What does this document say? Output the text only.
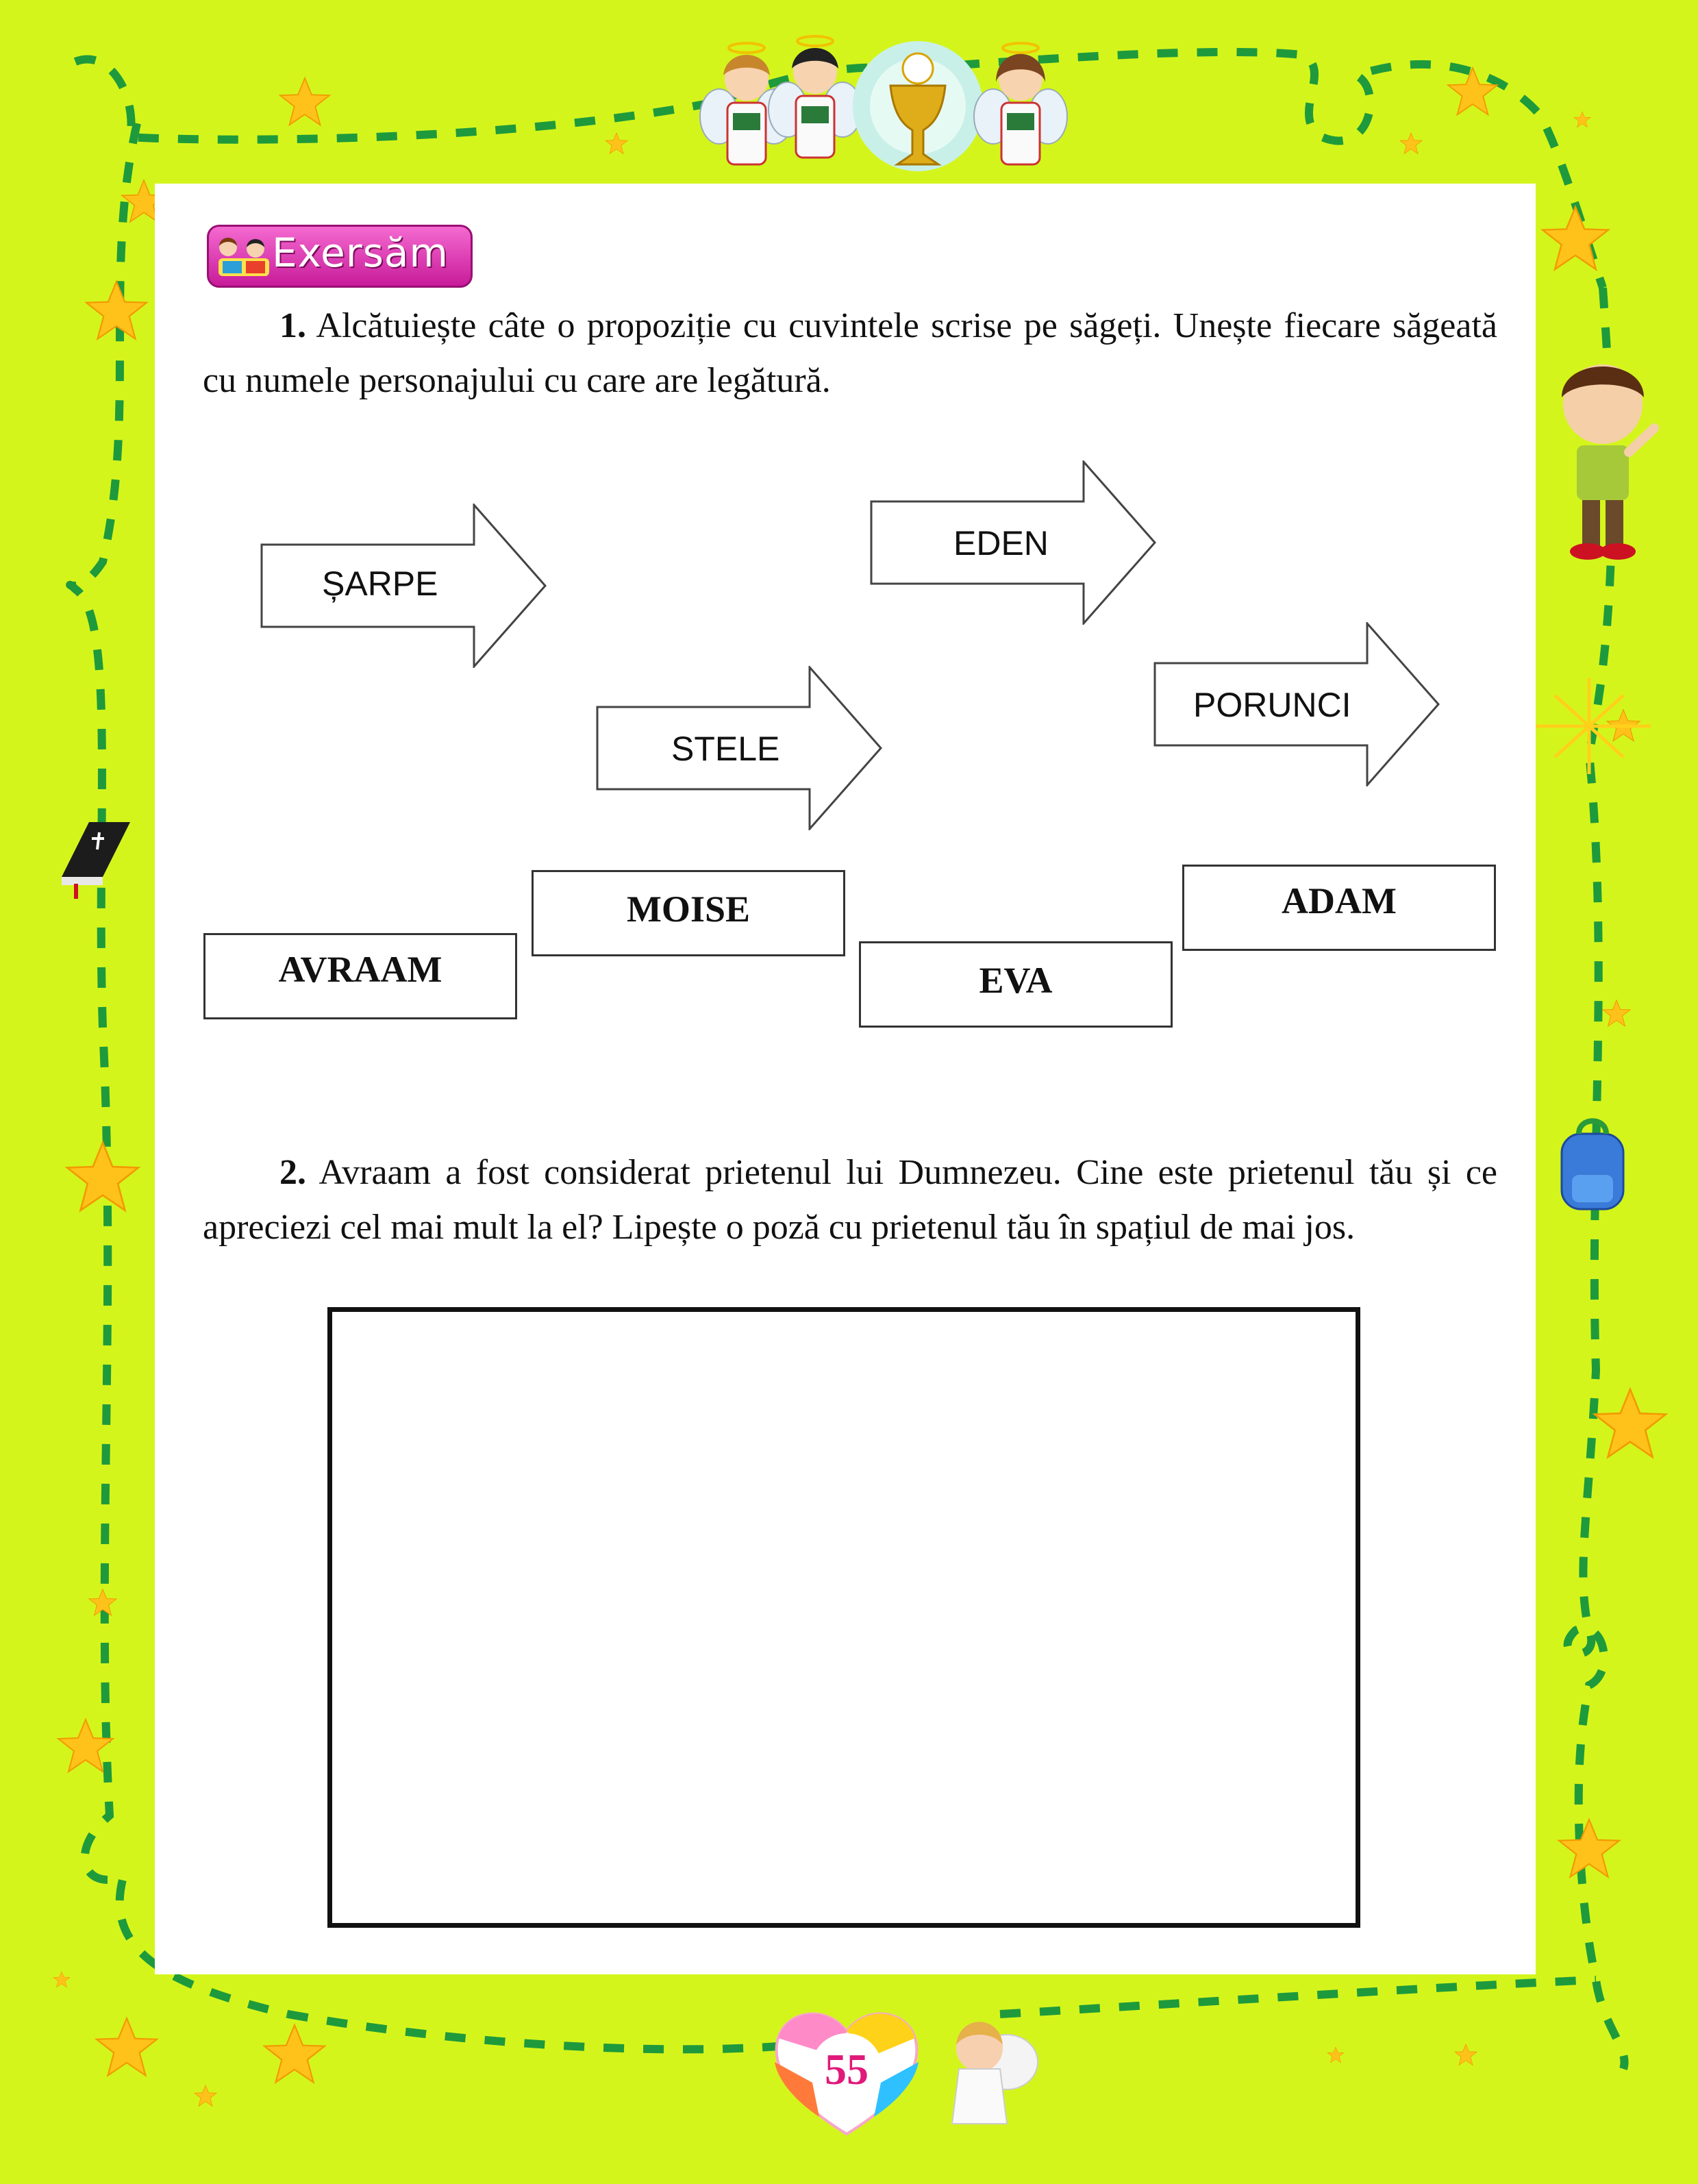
Exersăm

1. Alcătuiește câte o propoziție cu cuvintele scrise pe săgeți. Unește fiecare săgeată cu numele personajului cu care are legătură.

ȘARPE
EDEN
STELE
PORUNCI
AVRAAM
MOISE
EVA
ADAM

2. Avraam a fost considerat prietenul lui Dumnezeu. Cine este prietenul tău și ce apreciezi cel mai mult la el? Lipește o poză cu prietenul tău în spațiul de mai jos.

55
